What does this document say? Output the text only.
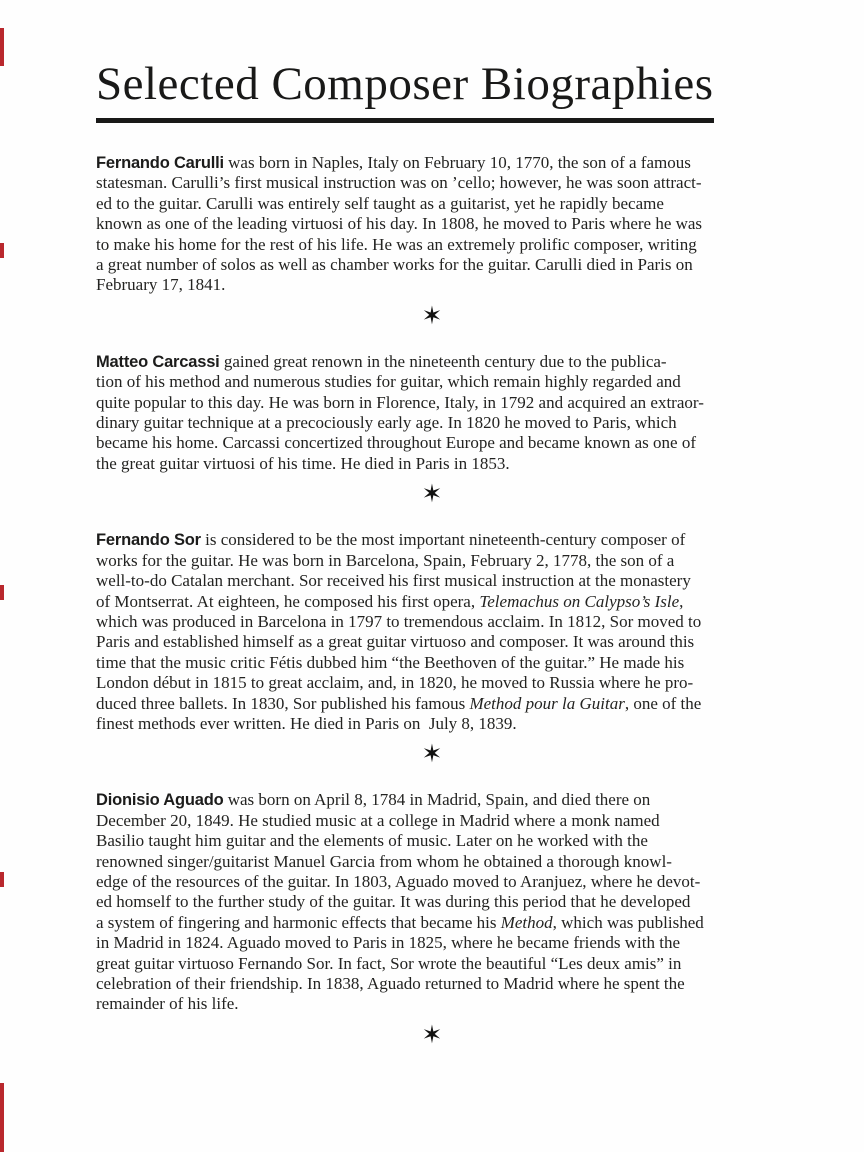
Selected Composer Biographies
Fernando Carulli was born in Naples, Italy on February 10, 1770, the son of a famous
statesman. Carulli’s first musical instruction was on ’cello; however, he was soon attract-
ed to the guitar. Carulli was entirely self taught as a guitarist, yet he rapidly became
known as one of the leading virtuosi of his day. In 1808, he moved to Paris where he was
to make his home for the rest of his life. He was an extremely prolific composer, writing
a great number of solos as well as chamber works for the guitar. Carulli died in Paris on
February 17, 1841.
✶
Matteo Carcassi gained great renown in the nineteenth century due to the publica-
tion of his method and numerous studies for guitar, which remain highly regarded and
quite popular to this day. He was born in Florence, Italy, in 1792 and acquired an extraor-
dinary guitar technique at a precociously early age. In 1820 he moved to Paris, which
became his home. Carcassi concertized throughout Europe and became known as one of
the great guitar virtuosi of his time. He died in Paris in 1853.
✶
Fernando Sor is considered to be the most important nineteenth-century composer of
works for the guitar. He was born in Barcelona, Spain, February 2, 1778, the son of a
well-to-do Catalan merchant. Sor received his first musical instruction at the monastery
of Montserrat. At eighteen, he composed his first opera, Telemachus on Calypso’s Isle,
which was produced in Barcelona in 1797 to tremendous acclaim. In 1812, Sor moved to
Paris and established himself as a great guitar virtuoso and composer. It was around this
time that the music critic Fétis dubbed him “the Beethoven of the guitar.” He made his
London début in 1815 to great acclaim, and, in 1820, he moved to Russia where he pro-
duced three ballets. In 1830, Sor published his famous Method pour la Guitar, one of the
finest methods ever written. He died in Paris on  July 8, 1839.
✶
Dionisio Aguado was born on April 8, 1784 in Madrid, Spain, and died there on
December 20, 1849. He studied music at a college in Madrid where a monk named
Basilio taught him guitar and the elements of music. Later on he worked with the
renowned singer/guitarist Manuel Garcia from whom he obtained a thorough knowl-
edge of the resources of the guitar. In 1803, Aguado moved to Aranjuez, where he devot-
ed homself to the further study of the guitar. It was during this period that he developed
a system of fingering and harmonic effects that became his Method, which was published
in Madrid in 1824. Aguado moved to Paris in 1825, where he became friends with the
great guitar virtuoso Fernando Sor. In fact, Sor wrote the beautiful “Les deux amis” in
celebration of their friendship. In 1838, Aguado returned to Madrid where he spent the
remainder of his life.
✶
